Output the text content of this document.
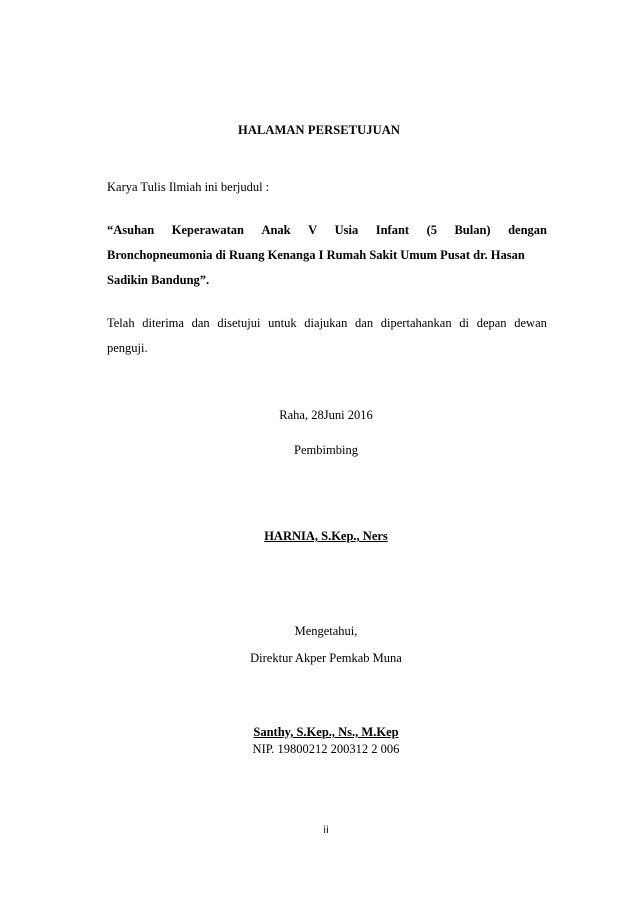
HALAMAN PERSETUJUAN
Karya Tulis Ilmiah ini berjudul :
“Asuhan Keperawatan Anak V Usia Infant (5 Bulan) dengan
Bronchopneumonia di Ruang Kenanga I Rumah Sakit Umum Pusat dr. Hasan
Sadikin Bandung”.
Telah diterima dan disetujui untuk diajukan dan dipertahankan di depan dewan
penguji.
Raha, 28Juni 2016
Pembimbing
HARNIA, S.Kep., Ners
Mengetahui,
Direktur Akper Pemkab Muna
Santhy, S.Kep., Ns., M.Kep
NIP. 19800212 200312 2 006
ii
